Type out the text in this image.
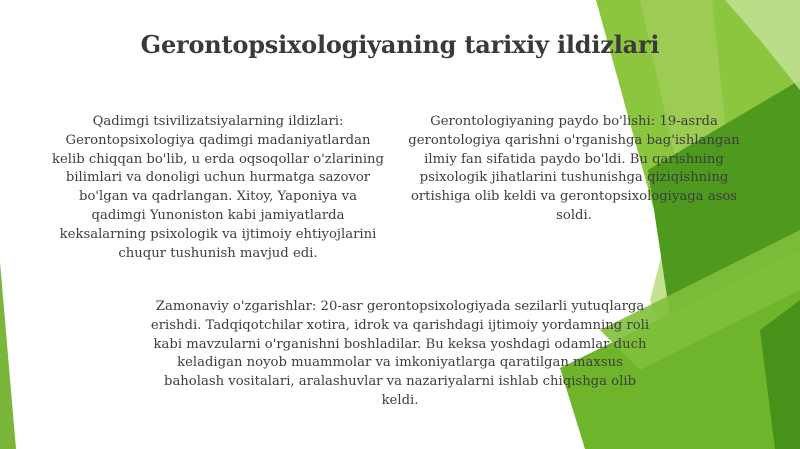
Gerontopsixologiyaning tarixiy ildizlari
Qadimgi tsivilizatsiyalarning ildizlari: Gerontopsixologiya qadimgi madaniyatlardan kelib chiqqan bo'lib, u erda oqsoqollar o'zlarining bilimlari va donoligi uchun hurmatga sazovor bo'lgan va qadrlangan. Xitoy, Yaponiya va qadimgi Yunoniston kabi jamiyatlarda keksalarning psixologik va ijtimoiy ehtiyojlarini chuqur tushunish mavjud edi.
Gerontologiyaning paydo bo'lishi: 19-asrda gerontologiya qarishni o'rganishga bag'ishlangan ilmiy fan sifatida paydo bo'ldi. Bu qarishning psixologik jihatlarini tushunishga qiziqishning ortishiga olib keldi va gerontopsixologiyaga asos soldi.
Zamonaviy o'zgarishlar: 20-asr gerontopsixologiyada sezilarli yutuqlarga erishdi. Tadqiqotchilar xotira, idrok va qarishdagi ijtimoiy yordamning roli kabi mavzularni o'rganishni boshladilar. Bu keksa yoshdagi odamlar duch keladigan noyob muammolar va imkoniyatlarga qaratilgan maxsus baholash vositalari, aralashuvlar va nazariyalarni ishlab chiqishga olib keldi.
